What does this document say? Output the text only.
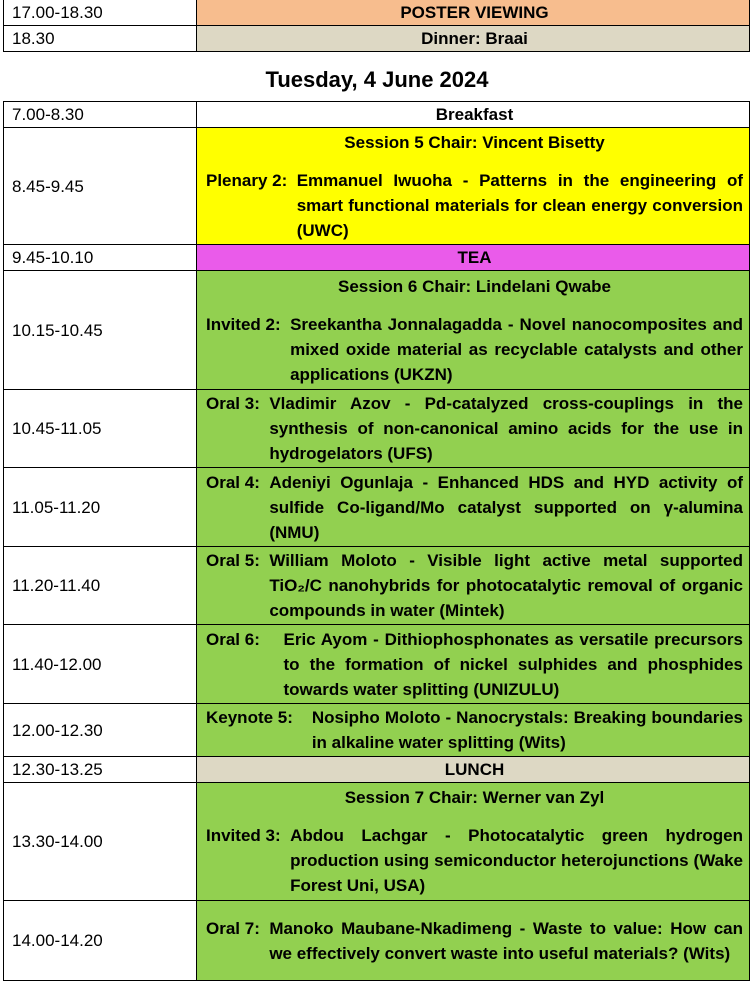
17.00-18.30	POSTER VIEWING
18.30	Dinner: Braai
Tuesday, 4 June 2024
7.00-8.30	Breakfast
8.45-9.45	Session 5 Chair: Vincent Bisetty
Plenary 2: Emmanuel Iwuoha - Patterns in the engineering of smart functional materials for clean energy conversion (UWC)

9.45-10.10	TEA
10.15-10.45	Session 6 Chair: Lindelani Qwabe
Invited 2: Sreekantha Jonnalagadda - Novel nanocomposites and mixed oxide material as recyclable catalysts and other applications (UKZN)

10.45-11.05	Oral 3: Vladimir Azov - Pd-catalyzed cross-couplings in the synthesis of non-canonical amino acids for the use in hydrogelators (UFS)

11.05-11.20	Oral 4: Adeniyi Ogunlaja - Enhanced HDS and HYD activity of sulfide Co-ligand/Mo catalyst supported on γ-alumina (NMU)

11.20-11.40	Oral 5: William Moloto - Visible light active metal supported TiO₂/C nanohybrids for photocatalytic removal of organic compounds in water (Mintek)

11.40-12.00	Oral 6: Eric Ayom - Dithiophosphonates as versatile precursors to the formation of nickel sulphides and phosphides towards water splitting (UNIZULU)

12.00-12.30	Keynote 5: Nosipho Moloto - Nanocrystals: Breaking boundaries in alkaline water splitting (Wits)

12.30-13.25	LUNCH
13.30-14.00	Session 7 Chair: Werner van Zyl
Invited 3: Abdou Lachgar - Photocatalytic green hydrogen production using semiconductor heterojunctions (Wake Forest Uni, USA)

14.00-14.20	Oral 7: Manoko Maubane-Nkadimeng - Waste to value: How can we effectively convert waste into useful materials? (Wits)
